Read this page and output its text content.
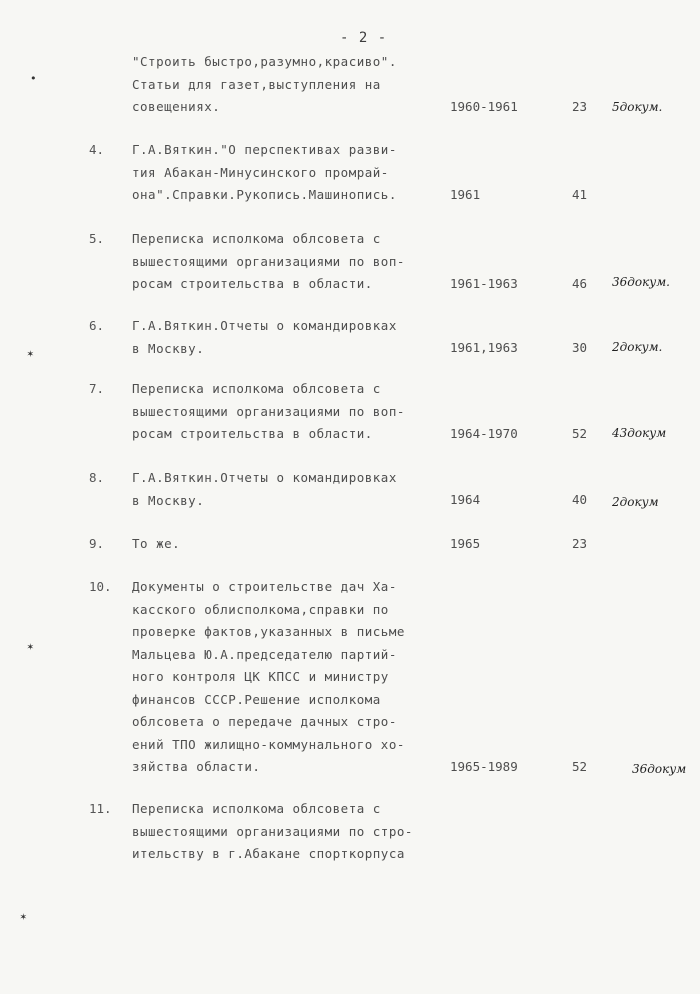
- 2 -
"Строить быстро,разумно,красиво".
Статьи для газет,выступления на
совещениях.	1960-1961	23	5докум.
4.	Г.А.Вяткин."О перспективах разви-
тия Абакан-Минусинского промрай-
она".Справки.Рукопись.Машинопись.	1961	41
5.	Переписка исполкома облсовета с
вышестоящими организациями по воп-
росам строительства в области.	1961-1963	46	36докум.
6.	Г.А.Вяткин.Отчеты о командировках
в Москву.	1961,1963	30	2докум.
7.	Переписка исполкома облсовета с
вышестоящими организациями по воп-
росам строительства в области.	1964-1970	52	43докум
8.	Г.А.Вяткин.Отчеты о командировках
в Москву.	1964	40	2докум
9.	То же.	1965	23
10.	Документы о строительстве дач Ха-
касского облисполкома,справки по
проверке фактов,указанных в письме
Мальцева Ю.А.председателю партий-
ного контроля ЦК КПСС и министру
финансов СССР.Решение исполкома
облсовета о передаче дачных стро-
ений ТПО жилищно-коммунального хо-
зяйства области.	1965-1989	52	36докум
11.	Переписка исполкома облсовета с
вышестоящими организациями по стро-
ительству в г.Абакане спорткорпуса
•
✶
✶
✶
